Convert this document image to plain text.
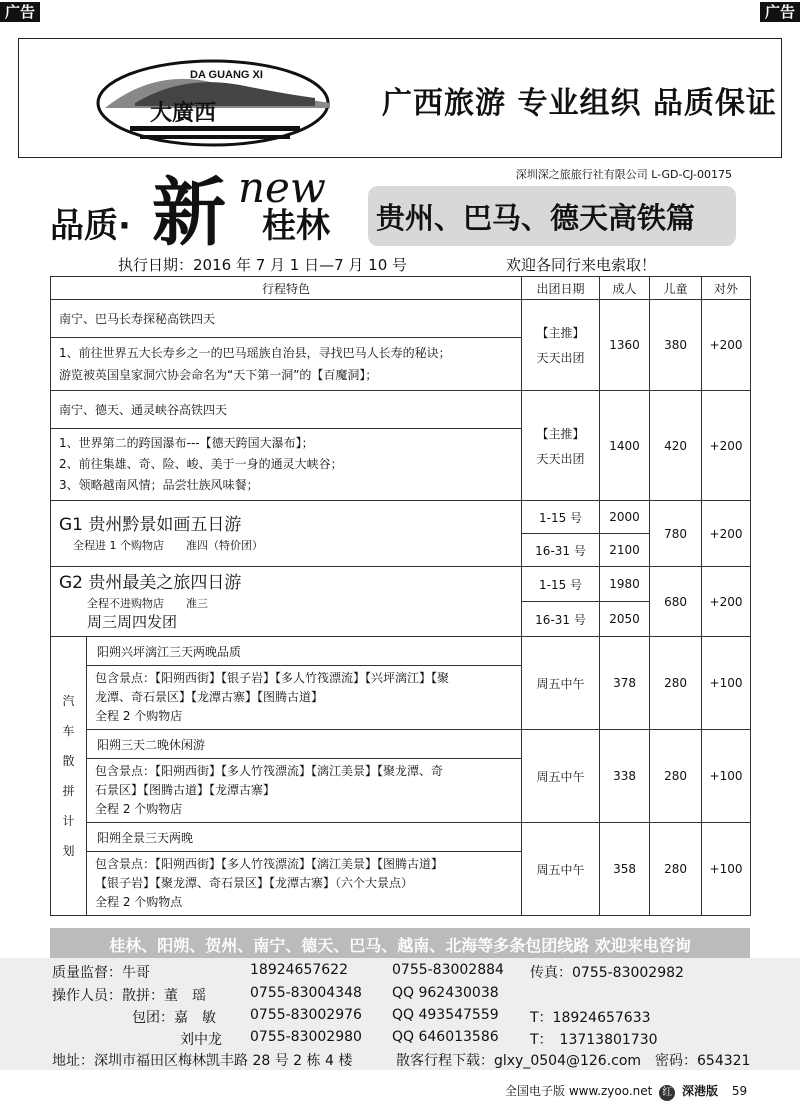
广告	广告
DA GUANG XI
大廣西	广西旅游 专业组织 品质保证
深圳深之旅旅行社有限公司 L-GD-CJ-00175
品质· 新 new
桂林 贵州、巴马、德天高铁篇
执行日期：2016 年 7 月 1 日—7 月 10 号	欢迎各同行来电索取！
行程特色		出团日期	成人	儿童	对外
南宁、巴马长寿探秘高铁四天		【主推】
天天出团	1360	380	+200

1、前往世界五大长寿乡之一的巴马瑶族自治县，寻找巴马人长寿的秘诀；
游览被英国皇家洞穴协会命名为“天下第一洞”的【百魔洞】；					

南宁、德天、通灵峡谷高铁四天		【主推】
天天出团	1400	420	+200

1、世界第二的跨国瀑布---【德天跨国大瀑布】；
2、前往集雄、奇、险、峻、美于一身的通灵大峡谷；
3、领略越南风情；品尝壮族风味餐；					

G1 贵州黔景如画五日游
全程进 1 个购物店　　准四（特价团）		1-15 号	2000	780	+200
		16-31 号	2100		

G2 贵州最美之旅四日游
全程不进购物店　　准三
周三周四发团		1-15 号	1980	680	+200
		16-31 号	2050		

汽车散拼计划	阳朔兴坪漓江三天两晚品质	周五中午	378	280	+100

	包含景点：【阳朔西街】【银子岩】【多人竹筏漂流】【兴坪漓江】【聚
龙潭、奇石景区】【龙潭古寨】【图腾古道】
全程 2 个购物店				

	阳朔三天二晚休闲游	周五中午	338	280	+100

	包含景点：【阳朔西街】【多人竹筏漂流】【漓江美景】【聚龙潭、奇
石景区】【图腾古道】【龙潭古寨】
全程 2 个购物店				

	阳朔全景三天两晚	周五中午	358	280	+100

	包含景点：【阳朔西街】【多人竹筏漂流】【漓江美景】【图腾古道】
【银子岩】【聚龙潭、奇石景区】【龙潭古寨】（六个大景点）
全程 2 个购物点				
桂林、阳朔、贺州、南宁、德天、巴马、越南、北海等多条包团线路 欢迎来电咨询
质量监督：牛哥	18924657622	0755-83002884 传真：0755-83002982
操作人员：散拼：董　瑶	0755-83004348 QQ 962430038
包团：嘉　敏 0755-83002976 QQ 493547559 T：18924657633
刘中龙 0755-83002980 QQ 646013586 T：　13713801730
地址：深圳市福田区梅林凯丰路 28 号 2 栋 4 楼	散客行程下载：glxy_0504@126.com 密码：654321
全国电子版 www.zyoo.net 红 深港版 59
